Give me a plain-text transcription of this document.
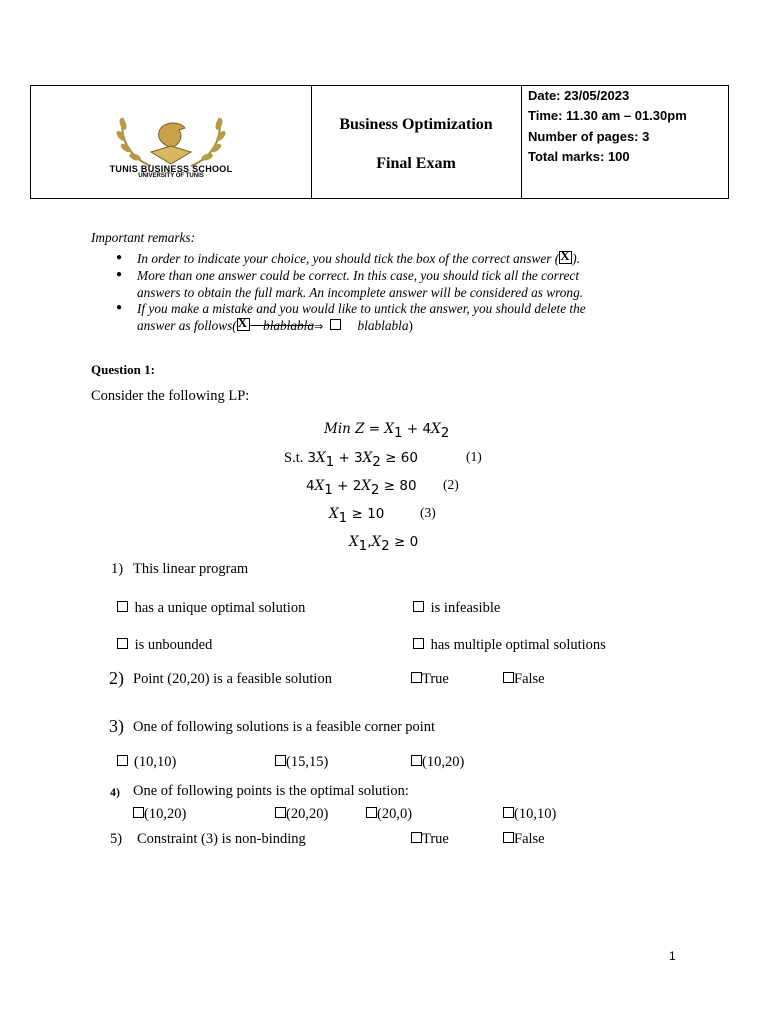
TUNIS BUSINESS SCHOOL
UNIVERSITY OF TUNIS
Business Optimization
Final Exam
Date: 23/05/2023
Time: 11.30 am – 01.30pm
Number of pages: 3
Total marks: 100
Important remarks:
● In order to indicate your choice, you should tick the box of the correct answer ( X ).
● More than one answer could be correct. In this case, you should tick all the correct
answers to obtain the full mark. An incomplete answer will be considered as wrong.
● If you make a mistake and you would like to untick the answer, you should delete the
answer as follows( X blablabla⇒	blablabla)
Question 1:
Consider the following LP:
Min $Z = X_1 + 4X_2$
S.t. $3X_1 + 3X_2 \ge 60$	(1)
$4X_1 + 2X_2 \ge 80$ (2)
$X_1 \ge 10$	(3)
$X_1,X_2 \ge 0$
1) This linear program
has a unique optimal solution	is infeasible
is unbounded	has multiple optimal solutions
2) Point (20,20) is a feasible solution	True	False
3) One of following solutions is a feasible corner point
(10,10)	(15,15)	(10,20)
4) One of following points is the optimal solution:
(10,20)	(20,20)	(20,0)	(10,10)
5) Constraint (3) is non-binding	True	False
1
